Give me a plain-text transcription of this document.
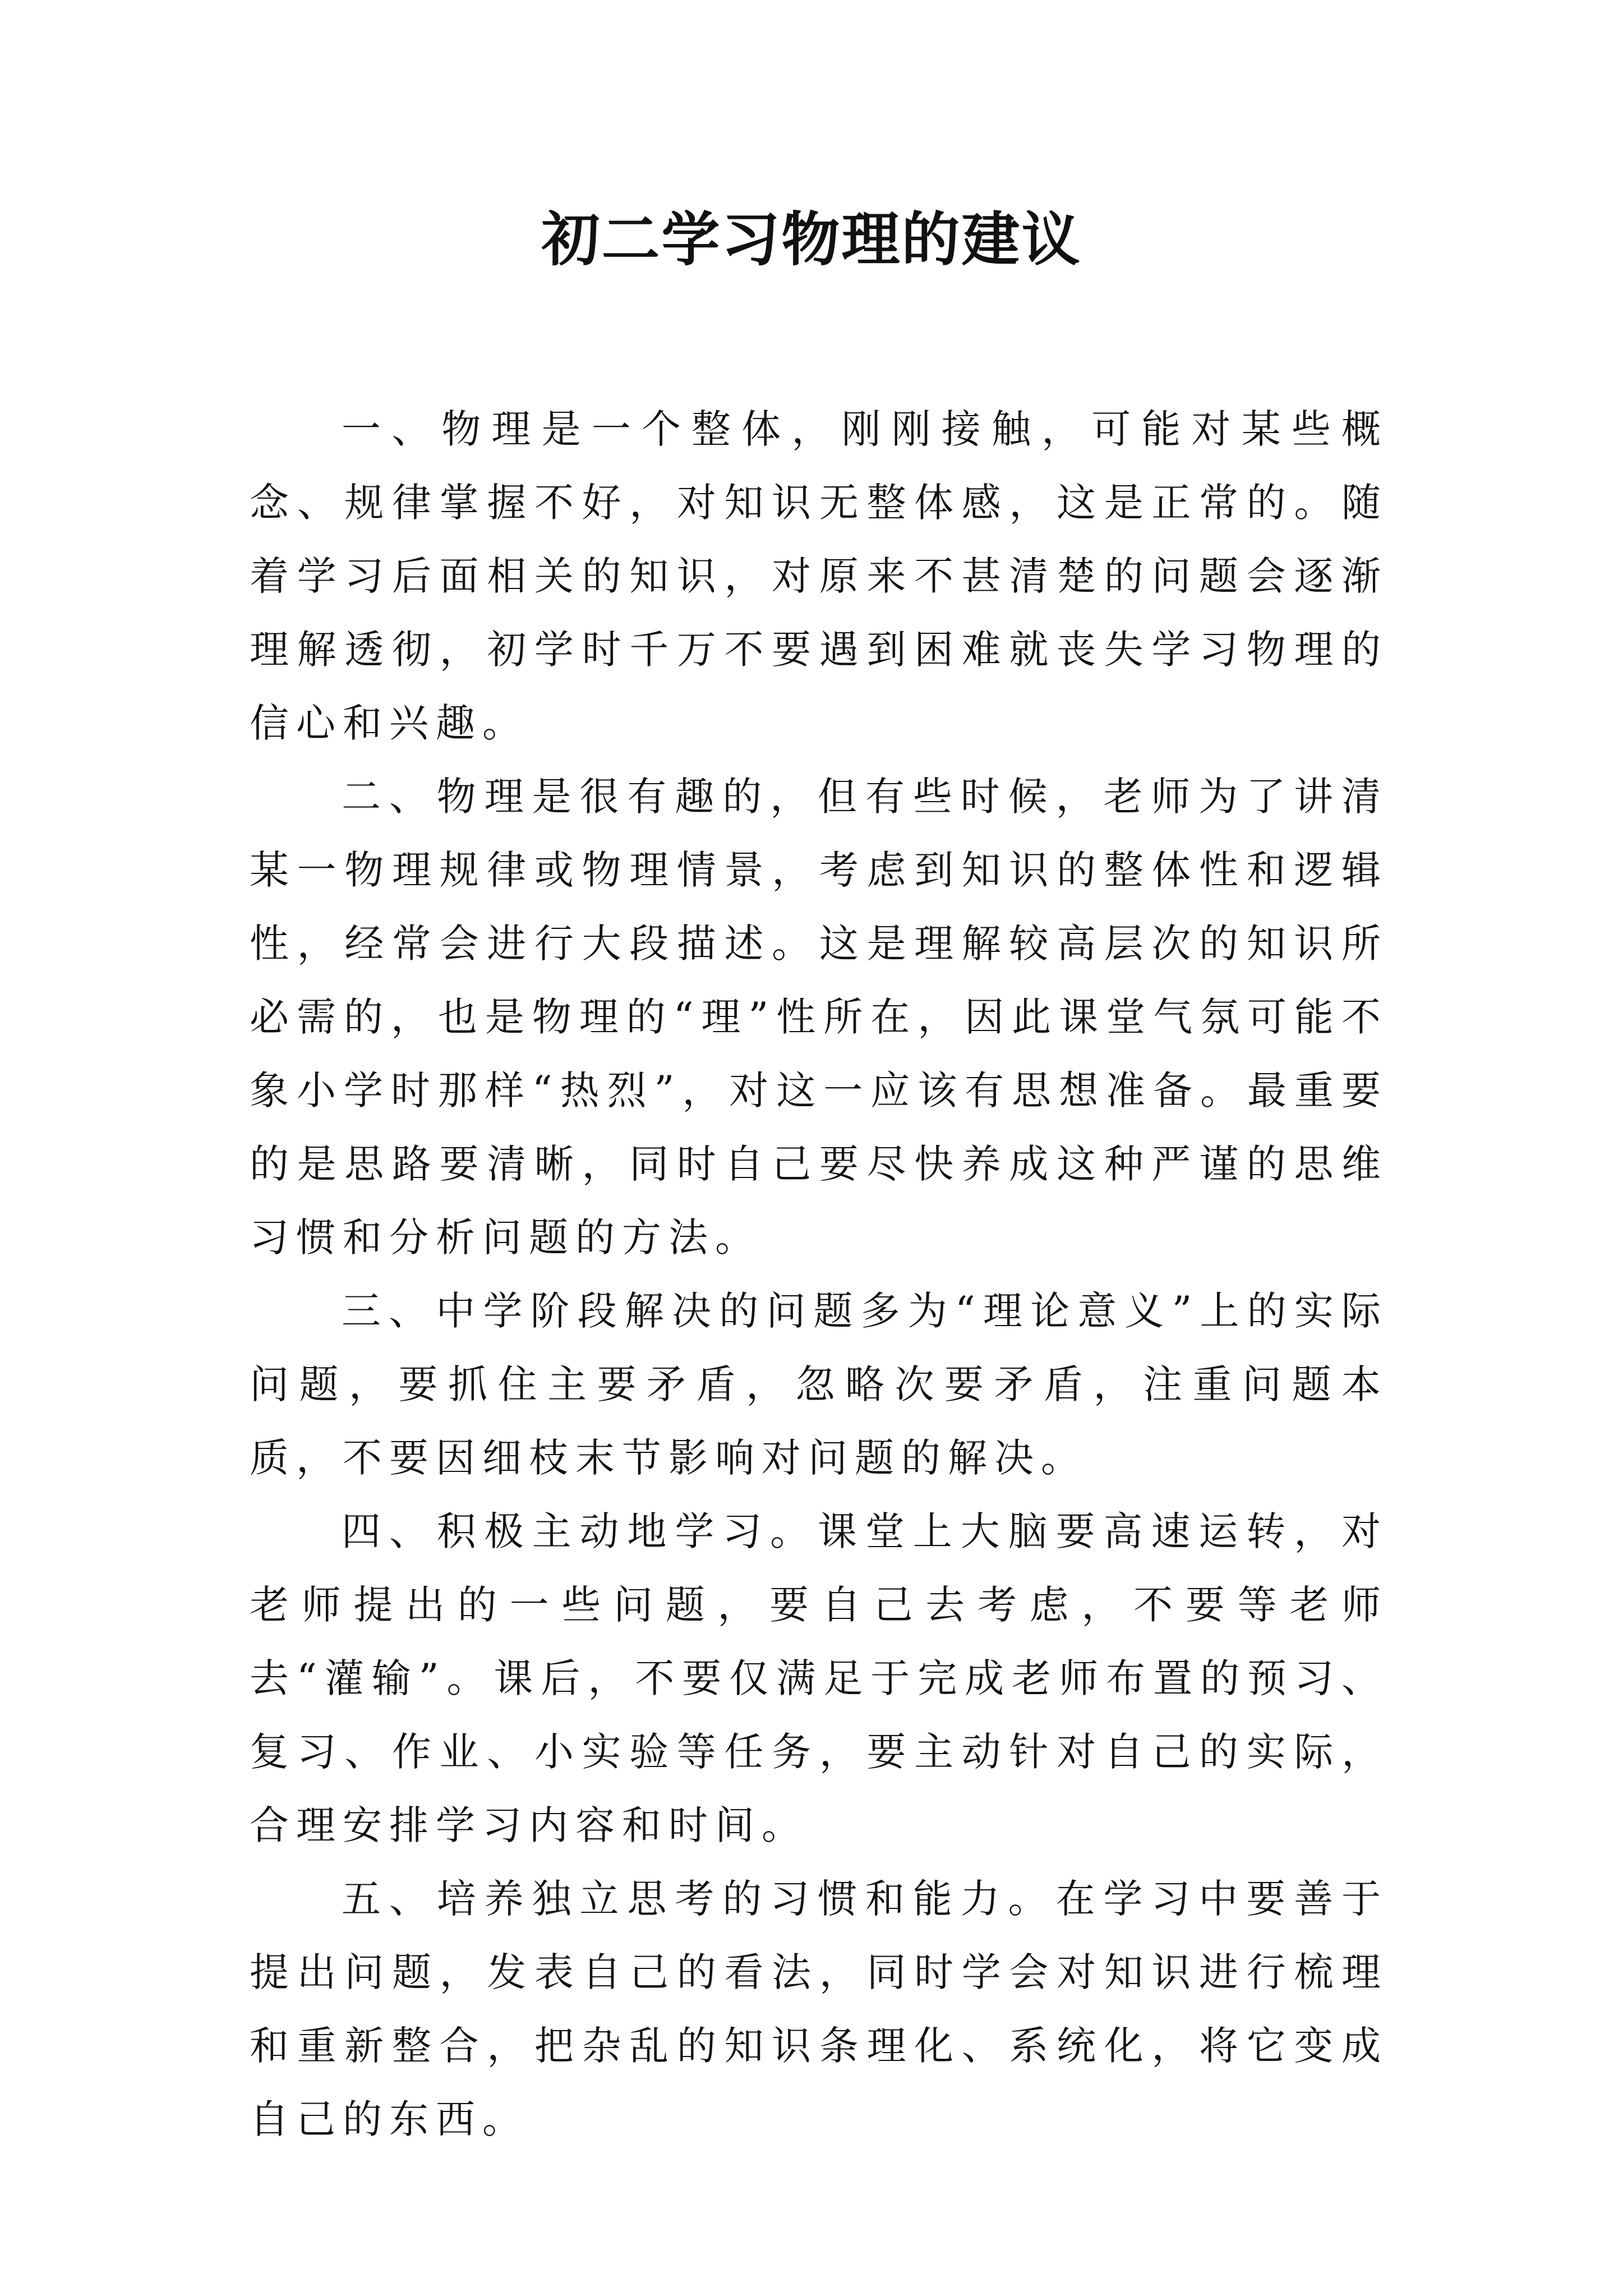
初二学习物理的建议

一、物理是一个整体，刚刚接触，可能对某些概念、规律掌握不好，对知识无整体感，这是正常的。随着学习后面相关的知识，对原来不甚清楚的问题会逐渐理解透彻，初学时千万不要遇到困难就丧失学习物理的信心和兴趣。

二、物理是很有趣的，但有些时候，老师为了讲清某一物理规律或物理情景，考虑到知识的整体性和逻辑性，经常会进行大段描述。这是理解较高层次的知识所必需的，也是物理的“理”性所在，因此课堂气氛可能不象小学时那样“热烈”，对这一应该有思想准备。最重要的是思路要清晰，同时自己要尽快养成这种严谨的思维习惯和分析问题的方法。

三、中学阶段解决的问题多为“理论意义”上的实际问题，要抓住主要矛盾，忽略次要矛盾，注重问题本质，不要因细枝末节影响对问题的解决。

四、积极主动地学习。课堂上大脑要高速运转，对老师提出的一些问题，要自己去考虑，不要等老师去“灌输”。课后，不要仅满足于完成老师布置的预习、复习、作业、小实验等任务，要主动针对自己的实际，合理安排学习内容和时间。

五、培养独立思考的习惯和能力。在学习中要善于提出问题，发表自己的看法，同时学会对知识进行梳理和重新整合，把杂乱的知识条理化、系统化，将它变成自己的东西。
